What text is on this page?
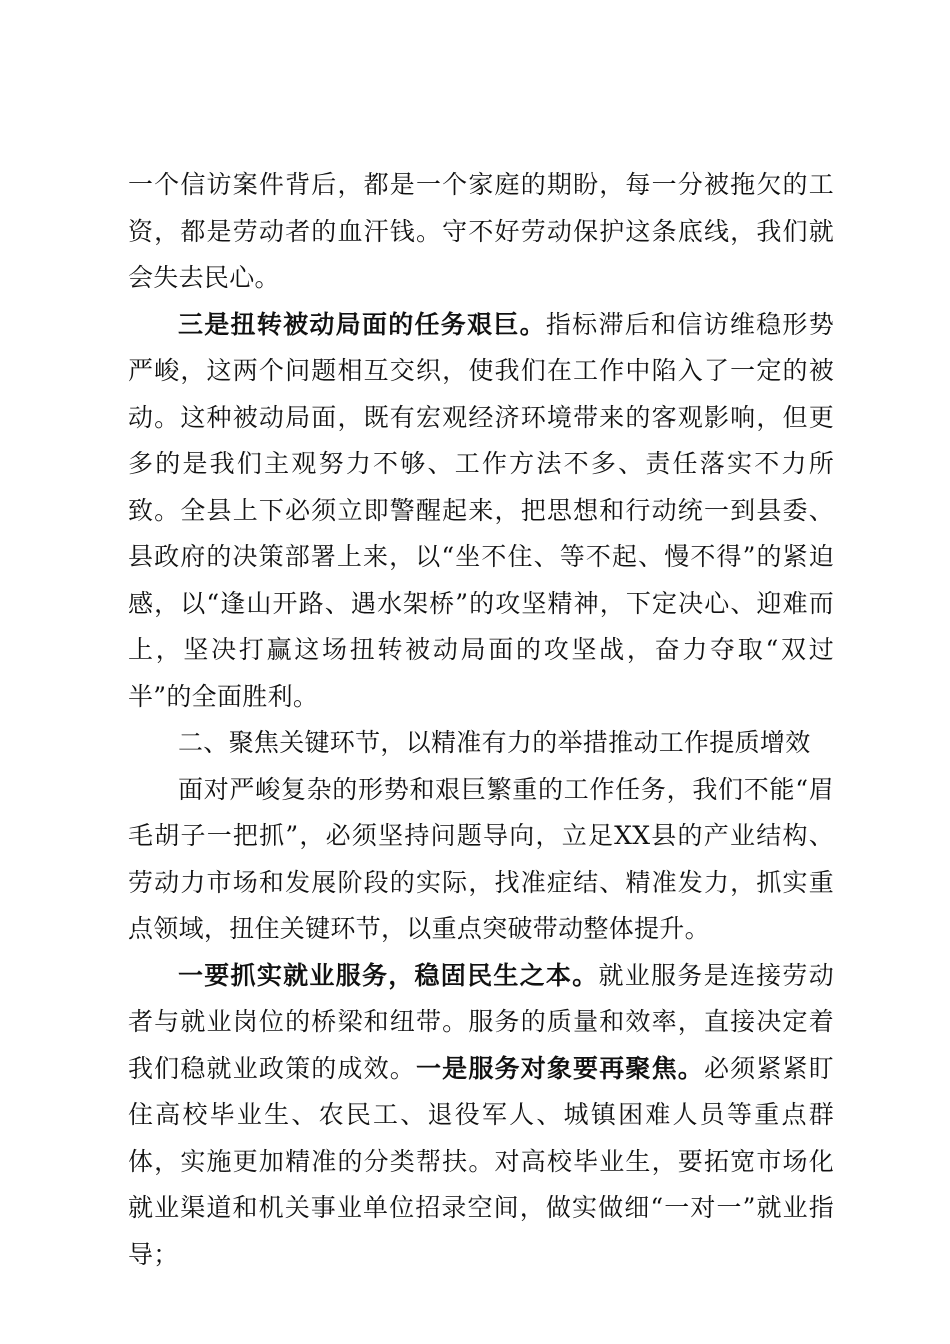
一个信访案件背后，都是一个家庭的期盼，每一分被拖欠的工资，都是劳动者的血汗钱。守不好劳动保护这条底线，我们就会失去民心。

三是扭转被动局面的任务艰巨。指标滞后和信访维稳形势严峻，这两个问题相互交织，使我们在工作中陷入了一定的被动。这种被动局面，既有宏观经济环境带来的客观影响，但更多的是我们主观努力不够、工作方法不多、责任落实不力所致。全县上下必须立即警醒起来，把思想和行动统一到县委、县政府的决策部署上来，以“坐不住、等不起、慢不得”的紧迫感，以“逢山开路、遇水架桥”的攻坚精神，下定决心、迎难而上，坚决打赢这场扭转被动局面的攻坚战，奋力夺取“双过半”的全面胜利。

二、聚焦关键环节，以精准有力的举措推动工作提质增效

面对严峻复杂的形势和艰巨繁重的工作任务，我们不能“眉毛胡子一把抓”，必须坚持问题导向，立足XX县的产业结构、劳动力市场和发展阶段的实际，找准症结、精准发力，抓实重点领域，扭住关键环节，以重点突破带动整体提升。

一要抓实就业服务，稳固民生之本。就业服务是连接劳动者与就业岗位的桥梁和纽带。服务的质量和效率，直接决定着我们稳就业政策的成效。一是服务对象要再聚焦。必须紧紧盯住高校毕业生、农民工、退役军人、城镇困难人员等重点群体，实施更加精准的分类帮扶。对高校毕业生，要拓宽市场化就业渠道和机关事业单位招录空间，做实做细“一对一”就业指导；
